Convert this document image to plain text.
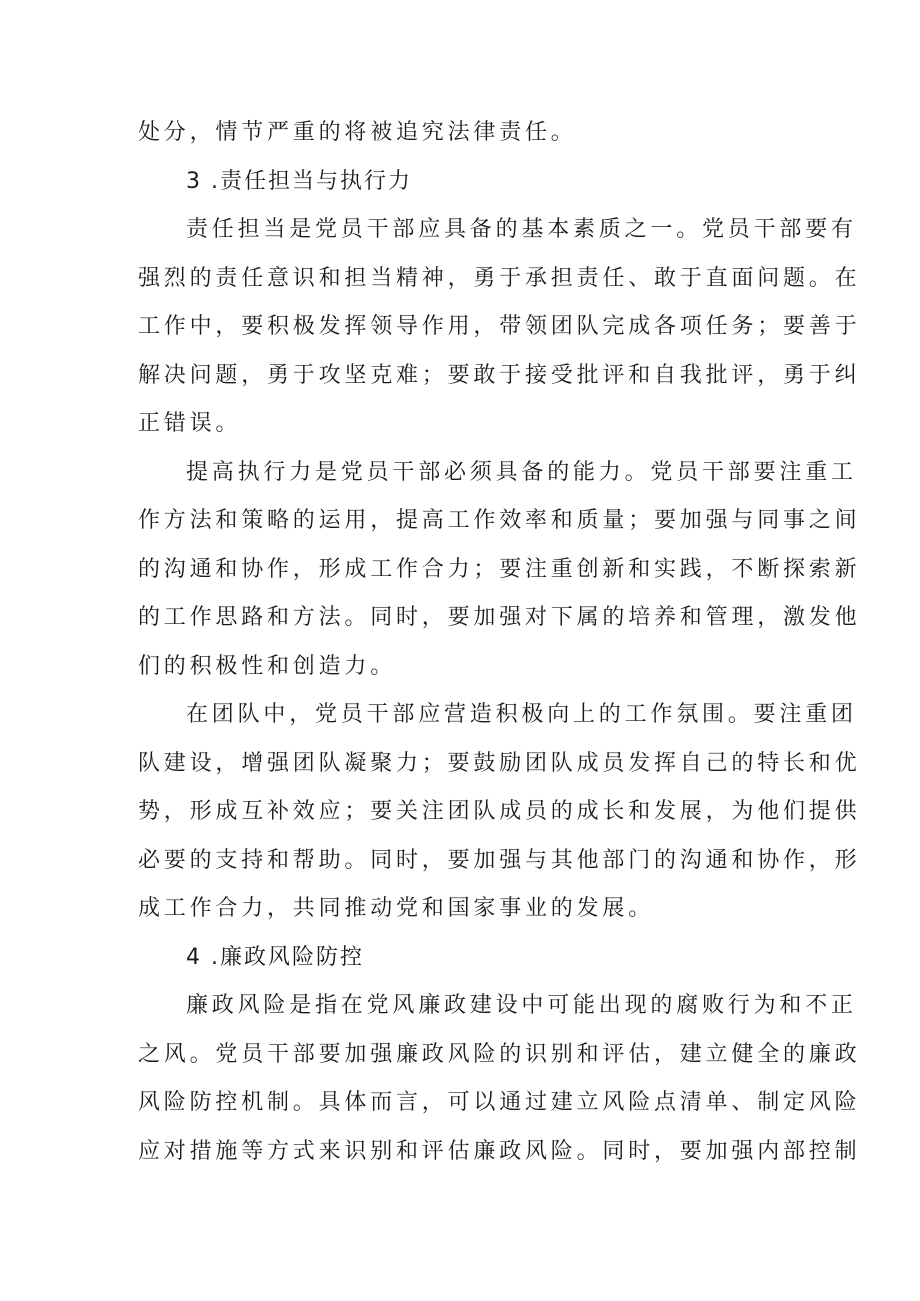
处分，情节严重的将被追究法律责任。

3 .责任担当与执行力

责任担当是党员干部应具备的基本素质之一。党员干部要有

强烈的责任意识和担当精神，勇于承担责任、敢于直面问题。在

工作中，要积极发挥领导作用，带领团队完成各项任务；要善于

解决问题，勇于攻坚克难；要敢于接受批评和自我批评，勇于纠

正错误。

提高执行力是党员干部必须具备的能力。党员干部要注重工

作方法和策略的运用，提高工作效率和质量；要加强与同事之间

的沟通和协作，形成工作合力；要注重创新和实践，不断探索新

的工作思路和方法。同时，要加强对下属的培养和管理，激发他

们的积极性和创造力。

在团队中，党员干部应营造积极向上的工作氛围。要注重团

队建设，增强团队凝聚力；要鼓励团队成员发挥自己的特长和优

势，形成互补效应；要关注团队成员的成长和发展，为他们提供

必要的支持和帮助。同时，要加强与其他部门的沟通和协作，形

成工作合力，共同推动党和国家事业的发展。

4 .廉政风险防控

廉政风险是指在党风廉政建设中可能出现的腐败行为和不正

之风。党员干部要加强廉政风险的识别和评估，建立健全的廉政

风险防控机制。具体而言，可以通过建立风险点清单、制定风险

应对措施等方式来识别和评估廉政风险。同时，要加强内部控制
